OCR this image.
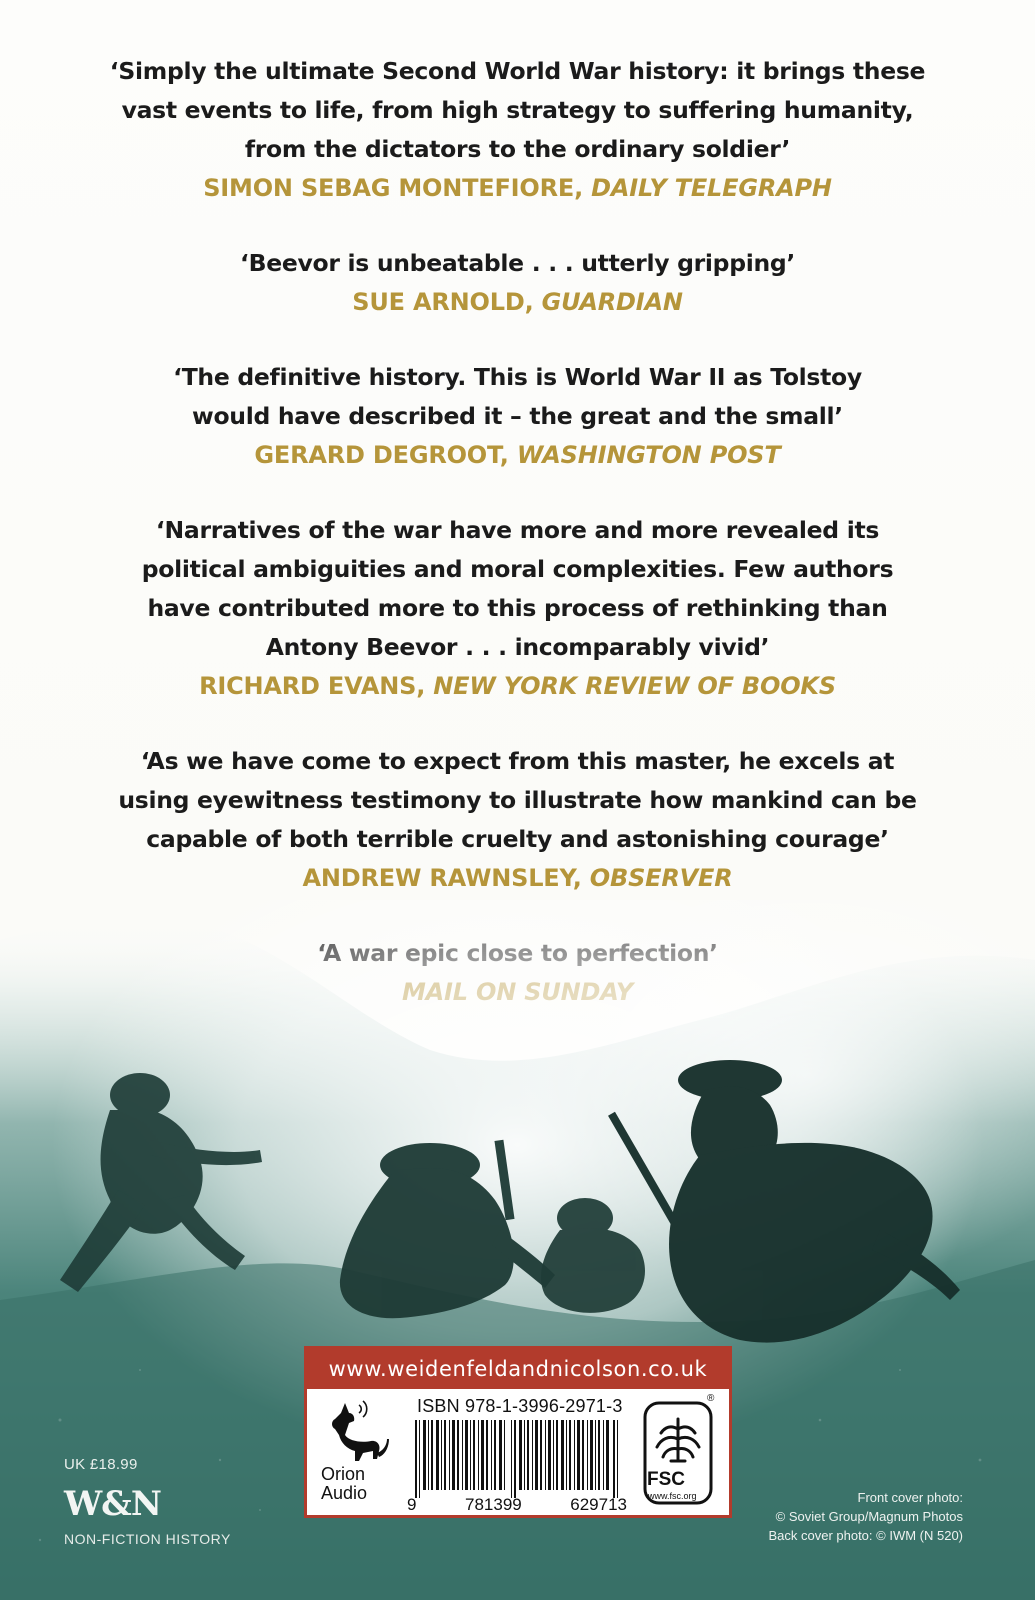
‘Simply the ultimate Second World War history: it brings these
vast events to life, from high strategy to suffering humanity,
from the dictators to the ordinary soldier’
SIMON SEBAG MONTEFIORE, DAILY TELEGRAPH
‘Beevor is unbeatable . . . utterly gripping’
SUE ARNOLD, GUARDIAN
‘The definitive history. This is World War II as Tolstoy
would have described it – the great and the small’
GERARD DEGROOT, WASHINGTON POST
‘Narratives of the war have more and more revealed its
political ambiguities and moral complexities. Few authors
have contributed more to this process of rethinking than
Antony Beevor . . . incomparably vivid’
RICHARD EVANS, NEW YORK REVIEW OF BOOKS
‘As we have come to expect from this master, he excels at
using eyewitness testimony to illustrate how mankind can be
capable of both terrible cruelty and astonishing courage’
ANDREW RAWNSLEY, OBSERVER
UK £18.99
W&N
NON-FICTION HISTORY
www.weidenfeldandnicolson.co.uk
Orion
Audio
ISBN 978-1-3996-2971-3
9	781399	629713
®
FSC
www.fsc.org	Front cover photo:
© Soviet Group/Magnum Photos
Back cover photo: © IWM (N 520)
